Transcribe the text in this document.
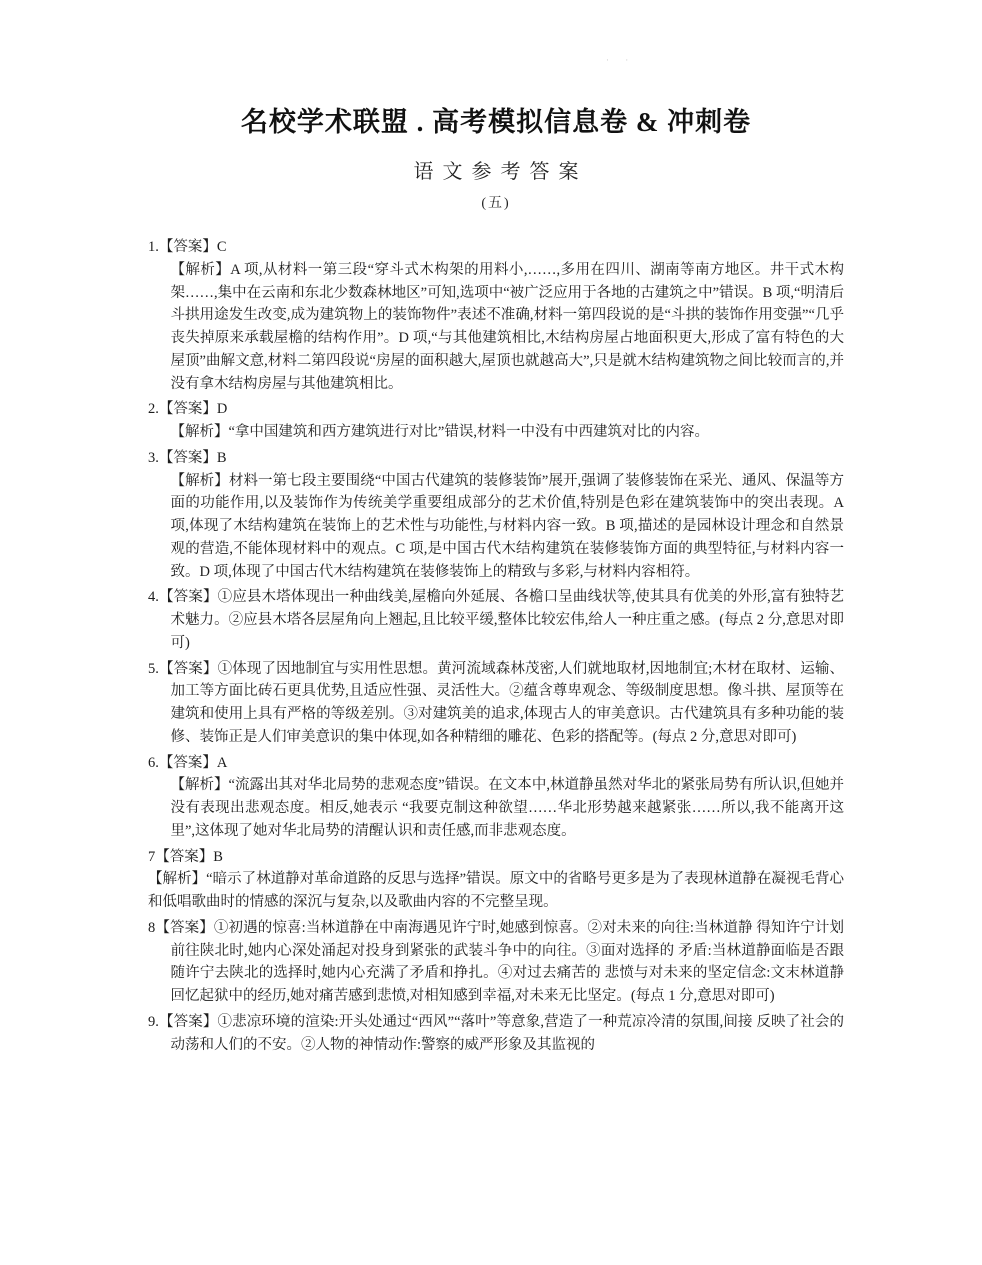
· ·
名校学术联盟 . 高考模拟信息卷 & 冲刺卷
语文参考答案
(五)

1.【答案】C

【解析】A 项,从材料一第三段“穿斗式木构架的用料小,……,多用在四川、湖南等南方地区。井干式木构架……,集中在云南和东北少数森林地区”可知,选项中“被广泛应用于各地的古建筑之中”错误。B 项,“明清后斗拱用途发生改变,成为建筑物上的装饰物件”表述不准确,材料一第四段说的是“斗拱的装饰作用变强”“几乎丧失掉原来承载屋檐的结构作用”。D 项,“与其他建筑相比,木结构房屋占地面积更大,形成了富有特色的大屋顶”曲解文意,材料二第四段说“房屋的面积越大,屋顶也就越高大”,只是就木结构建筑物之间比较而言的,并没有拿木结构房屋与其他建筑相比。

2.【答案】D

【解析】“拿中国建筑和西方建筑进行对比”错误,材料一中没有中西建筑对比的内容。

3.【答案】B

【解析】材料一第七段主要围绕“中国古代建筑的装修装饰”展开,强调了装修装饰在采光、通风、保温等方面的功能作用,以及装饰作为传统美学重要组成部分的艺术价值,特别是色彩在建筑装饰中的突出表现。A 项,体现了木结构建筑在装饰上的艺术性与功能性,与材料内容一致。B 项,描述的是园林设计理念和自然景观的营造,不能体现材料中的观点。C 项,是中国古代木结构建筑在装修装饰方面的典型特征,与材料内容一致。D 项,体现了中国古代木结构建筑在装修装饰上的精致与多彩,与材料内容相符。

4.【答案】①应县木塔体现出一种曲线美,屋檐向外延展、各檐口呈曲线状等,使其具有优美的外形,富有独特艺术魅力。②应县木塔各层屋角向上翘起,且比较平缓,整体比较宏伟,给人一种庄重之感。(每点 2 分,意思对即可)

5.【答案】①体现了因地制宜与实用性思想。黄河流域森林茂密,人们就地取材,因地制宜;木材在取材、运输、加工等方面比砖石更具优势,且适应性强、灵活性大。②蕴含尊卑观念、等级制度思想。像斗拱、屋顶等在建筑和使用上具有严格的等级差别。③对建筑美的追求,体现古人的审美意识。古代建筑具有多种功能的装修、装饰正是人们审美意识的集中体现,如各种精细的雕花、色彩的搭配等。(每点 2 分,意思对即可)

6.【答案】A

【解析】“流露出其对华北局势的悲观态度”错误。在文本中,林道静虽然对华北的紧张局势有所认识,但她并没有表现出悲观态度。相反,她表示 “我要克制这种欲望……华北形势越来越紧张……所以,我不能离开这里”,这体现了她对华北局势的清醒认识和责任感,而非悲观态度。

7【答案】B

【解析】“暗示了林道静对革命道路的反思与选择”错误。原文中的省略号更多是为了表现林道静在凝视毛背心和低唱歌曲时的情感的深沉与复杂,以及歌曲内容的不完整呈现。

8【答案】①初遇的惊喜:当林道静在中南海遇见许宁时,她感到惊喜。②对未来的向往:当林道静 得知许宁计划前往陕北时,她内心深处涌起对投身到紧张的武装斗争中的向往。③面对选择的 矛盾:当林道静面临是否跟随许宁去陕北的选择时,她内心充满了矛盾和挣扎。④对过去痛苦的 悲愤与对未来的坚定信念:文末林道静回忆起狱中的经历,她对痛苦感到悲愤,对相知感到幸福,对未来无比坚定。(每点 1 分,意思对即可)

9.【答案】①悲凉环境的渲染:开头处通过“西风”“落叶”等意象,营造了一种荒凉冷清的氛围,间接 反映了社会的动荡和人们的不安。②人物的神情动作:警察的威严形象及其监视的
